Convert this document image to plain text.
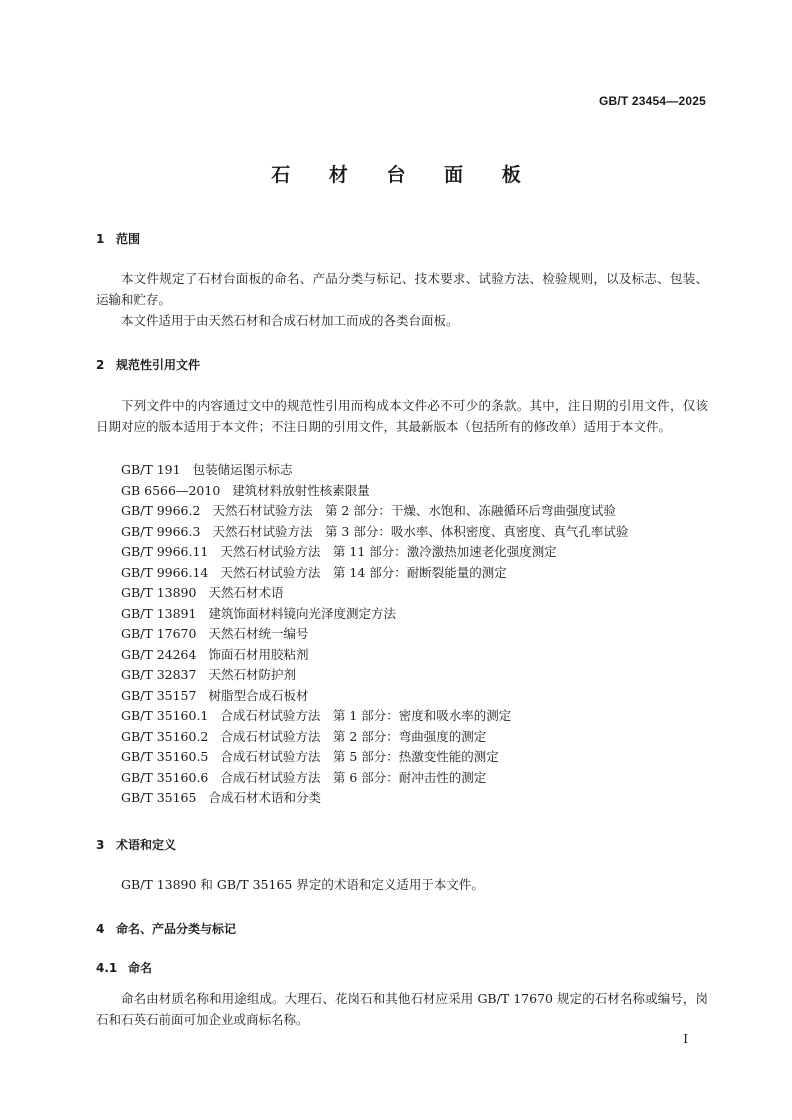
GB/T 23454—2025
石 材 台 面 板
1 范围
本文件规定了石材台面板的命名、产品分类与标记、技术要求、试验方法、检验规则，以及标志、包装、运输和贮存。
本文件适用于由天然石材和合成石材加工而成的各类台面板。
2 规范性引用文件
下列文件中的内容通过文中的规范性引用而构成本文件必不可少的条款。其中，注日期的引用文件，仅该日期对应的版本适用于本文件；不注日期的引用文件，其最新版本（包括所有的修改单）适用于本文件。
GB/T 191 包装储运图示标志
GB 6566—2010 建筑材料放射性核素限量
GB/T 9966.2 天然石材试验方法　第 2 部分：干燥、水饱和、冻融循环后弯曲强度试验
GB/T 9966.3 天然石材试验方法　第 3 部分：吸水率、体积密度、真密度、真气孔率试验
GB/T 9966.11 天然石材试验方法　第 11 部分：激冷激热加速老化强度测定
GB/T 9966.14 天然石材试验方法　第 14 部分：耐断裂能量的测定
GB/T 13890 天然石材术语
GB/T 13891 建筑饰面材料镜向光泽度测定方法
GB/T 17670 天然石材统一编号
GB/T 24264 饰面石材用胶粘剂
GB/T 32837 天然石材防护剂
GB/T 35157 树脂型合成石板材
GB/T 35160.1 合成石材试验方法　第 1 部分：密度和吸水率的测定
GB/T 35160.2 合成石材试验方法　第 2 部分：弯曲强度的测定
GB/T 35160.5 合成石材试验方法　第 5 部分：热激变性能的测定
GB/T 35160.6 合成石材试验方法　第 6 部分：耐冲击性的测定
GB/T 35165 合成石材术语和分类
3 术语和定义
GB/T 13890 和 GB/T 35165 界定的术语和定义适用于本文件。
4 命名、产品分类与标记
4.1 命名
命名由材质名称和用途组成。大理石、花岗石和其他石材应采用 GB/T 17670 规定的石材名称或编号，岗石和石英石前面可加企业或商标名称。
I
